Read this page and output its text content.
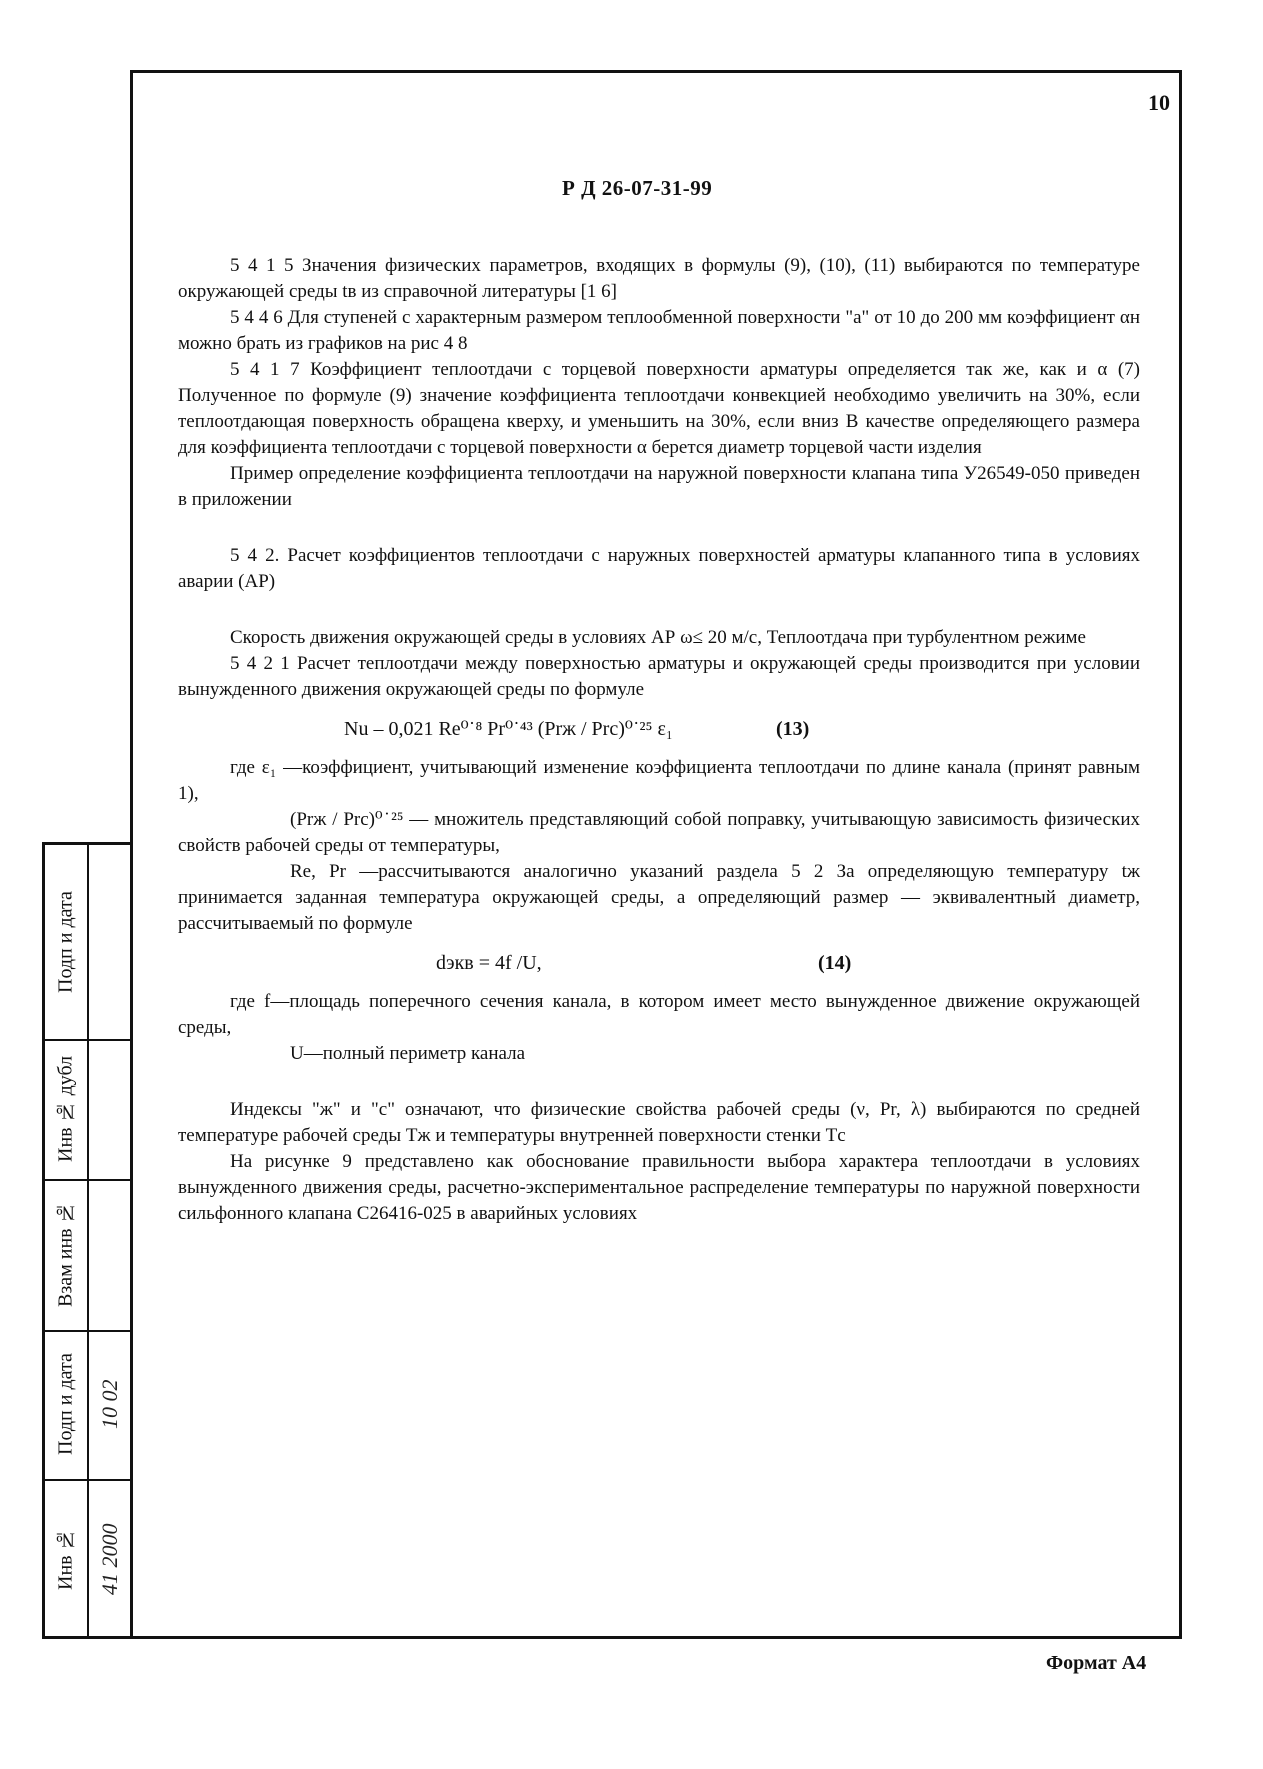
10
Р Д 26-07-31-99

5 4 1 5 Значения физических параметров, входящих в формулы (9), (10), (11) выбираются по температуре окружающей среды tв из справочной литературы [1 6]

5 4 4 6 Для ступеней с характерным размером теплообменной поверхности "а" от 10 до 200 мм коэффициент αн можно брать из графиков на рис 4 8

5 4 1 7 Коэффициент теплоотдачи с торцевой поверхности арматуры определяется так же, как и α (7) Полученное по формуле (9) значение коэффициента теплоотдачи конвекцией необходимо увеличить на 30%, если теплоотдающая поверхность обращена кверху, и уменьшить на 30%, если вниз В качестве определяющего размера для коэффициента теплоотдачи с торцевой поверхности α берется диаметр торцевой части изделия

Пример определение коэффициента теплоотдачи на наружной поверхности клапана типа У26549-050 приведен в приложении

5 4 2. Расчет коэффициентов теплоотдачи с наружных поверхностей арматуры клапанного типа в условиях аварии (АР)

Скорость движения окружающей среды в условиях АР ω≤ 20 м/с, Теплоотдача при турбулентном режиме

5 4 2 1 Расчет теплоотдачи между поверхностью арматуры и окружающей среды производится при условии вынужденного движения окружающей среды по формуле

Nu – 0,021 Re⁰˙⁸ Pr⁰˙⁴³ (Prж / Prс)⁰˙²⁵ ε₁	(13)

где ε₁ —коэффициент, учитывающий изменение коэффициента теплоотдачи по длине канала (принят равным 1),

(Prж / Prс)⁰˙²⁵ — множитель представляющий собой поправку, учитывающую зависимость физических свойств рабочей среды от температуры,

Re, Pr —рассчитываются аналогично указаний раздела 5 2 За определяющую температуру tж принимается заданная температура окружающей среды, а определяющий размер — эквивалентный диаметр, рассчитываемый по формуле

dэкв = 4f /U,	(14)

где f—площадь поперечного сечения канала, в котором имеет место вынужденное движение окружающей среды,

U—полный периметр канала

Индексы "ж" и "с" означают, что физические свойства рабочей среды (ν, Pr, λ) выбираются по средней температуре рабочей среды Tж и температуры внутренней поверхности стенки Tс

На рисунке 9 представлено как обоснование правильности выбора характера теплоотдачи в условиях вынужденного движения среды, расчетно-экспериментальное распределение температуры по наружной поверхности сильфонного клапана С26416-025 в аварийных условиях

Подп и дата
Инв № дубл
Взам инв №
Подп и дата
Инв №
10 02
41 2000
Формат А4
